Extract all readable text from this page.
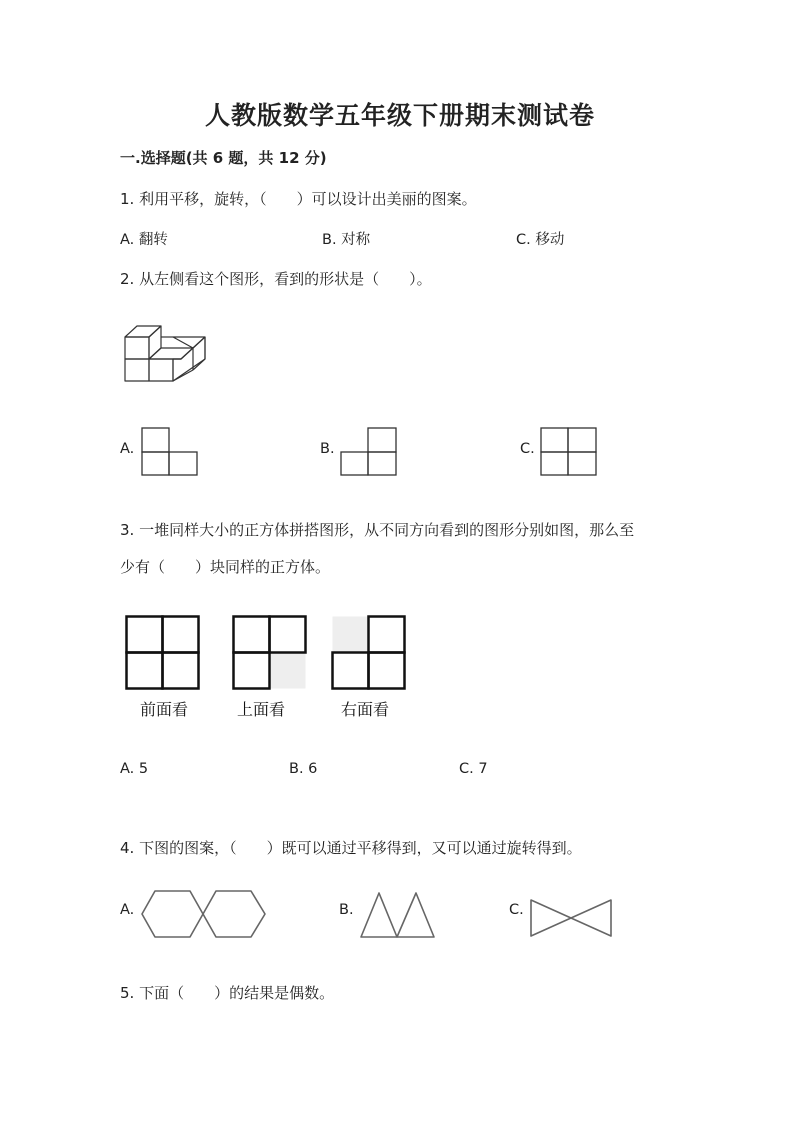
人教版数学五年级下册期末测试卷
一.选择题(共 6 题，共 12 分)
1. 利用平移，旋转，（　　）可以设计出美丽的图案。
A. 翻转	B. 对称	C. 移动
2. 从左侧看这个图形，看到的形状是（　　）。
A.	B.	C.
3. 一堆同样大小的正方体拼搭图形，从不同方向看到的图形分别如图，那么至
少有（　　）块同样的正方体。
前面看	上面看	右面看
A. 5	B. 6	C. 7
4. 下图的图案，（　　）既可以通过平移得到，又可以通过旋转得到。
A.	B.	C.
5. 下面（　　）的结果是偶数。
